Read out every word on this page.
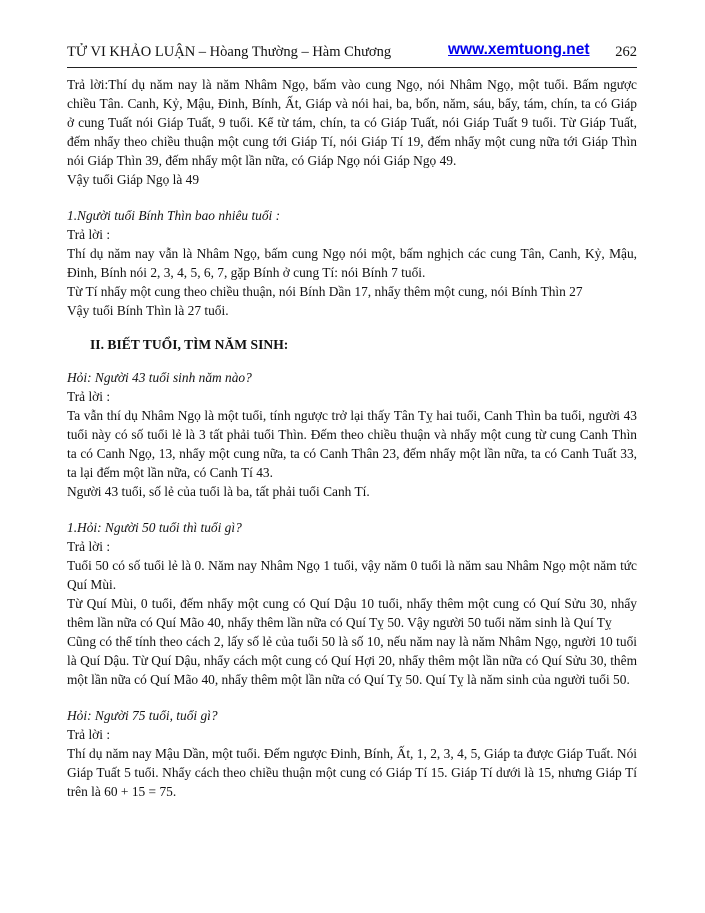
TỬ VI KHẢO LUẬN – Hòang Thường – Hàm Chương	www.xemtuong.net 262

Trả lời:Thí dụ năm nay là năm Nhâm Ngọ, bấm vào cung Ngọ, nói Nhâm Ngọ, một tuổi. Bấm ngược chiều Tân. Canh, Kỷ, Mậu, Đinh, Bính, Ất, Giáp và nói hai, ba, bốn, năm, sáu, bẩy, tám, chín, ta có Giáp ở cung Tuất nói Giáp Tuất, 9 tuổi. Kể từ tám, chín, ta có Giáp Tuất, nói Giáp Tuất 9 tuổi. Từ Giáp Tuất, đếm nhẩy theo chiều thuận một cung tới Giáp Tí, nói Giáp Tí 19, đếm nhẩy một cung nữa tới Giáp Thìn nói Giáp Thìn 39, đếm nhẩy một lần nữa, có Giáp Ngọ nói Giáp Ngọ 49.

Vậy tuổi Giáp Ngọ là 49

1.Người tuổi Bính Thìn bao nhiêu tuổi :

Trả lời :

Thí dụ năm nay vẫn là Nhâm Ngọ, bấm cung Ngọ nói một, bấm nghịch các cung Tân, Canh, Kỷ, Mậu, Đinh, Bính nói 2, 3, 4, 5, 6, 7, gặp Bính ở cung Tí: nói Bính 7 tuổi.

Từ Tí nhẩy một cung theo chiều thuận, nói Bính Dần 17, nhẩy thêm một cung, nói Bính Thìn 27

Vậy tuổi Bính Thìn là 27 tuổi.

II. BIẾT TUỔI, TÌM NĂM SINH:

Hỏi: Người 43 tuổi sinh năm nào?

Trả lời :

Ta vẫn thí dụ Nhâm Ngọ là một tuổi, tính ngược trở lại thấy Tân Tỵ hai tuổi, Canh Thìn ba tuổi, người 43 tuổi này có số tuổi lẻ là 3 tất phải tuổi Thìn. Đếm theo chiều thuận và nhẩy một cung từ cung Canh Thìn ta có Canh Ngọ, 13, nhẩy một cung nữa, ta có Canh Thân 23, đếm nhẩy một lần nữa, ta có Canh Tuất 33, ta lại đếm một lần nữa, có Canh Tí 43.

Người 43 tuổi, số lẻ của tuổi là ba, tất phải tuổi Canh Tí.

1.Hỏi: Người 50 tuổi thì tuổi gì?

Trả lời :

Tuổi 50 có số tuổi lẻ là 0. Năm nay Nhâm Ngọ 1 tuổi, vậy năm 0 tuổi là năm sau Nhâm Ngọ một năm tức Quí Mùi.

Từ Quí Mùi, 0 tuổi, đếm nhẩy một cung có Quí Dậu 10 tuổi, nhẩy thêm một cung có Quí Sửu 30, nhẩy thêm lần nữa có Quí Mão 40, nhẩy thêm lần nữa có Quí Tỵ 50. Vậy người 50 tuổi năm sinh là Quí Tỵ

Cũng có thể tính theo cách 2, lấy số lẻ của tuổi 50 là số 10, nếu năm nay là năm Nhâm Ngọ, người 10 tuổi là Quí Dậu. Từ Quí Dậu, nhẩy cách một cung có Quí Hợi 20, nhẩy thêm một lần nữa có Quí Sửu 30, thêm một lần nữa có Quí Mão 40, nhẩy thêm một lần nữa có Quí Tỵ 50. Quí Tỵ là năm sinh của người tuổi 50.

Hỏi: Người 75 tuổi, tuổi gì?

Trả lời :

Thí dụ năm nay Mậu Dần, một tuổi. Đếm ngược Đinh, Bính, Ất, 1, 2, 3, 4, 5, Giáp ta được Giáp Tuất. Nói Giáp Tuất 5 tuổi. Nhẩy cách theo chiều thuận một cung có Giáp Tí 15. Giáp Tí dưới là 15, nhưng Giáp Tí trên là 60 + 15 = 75.
